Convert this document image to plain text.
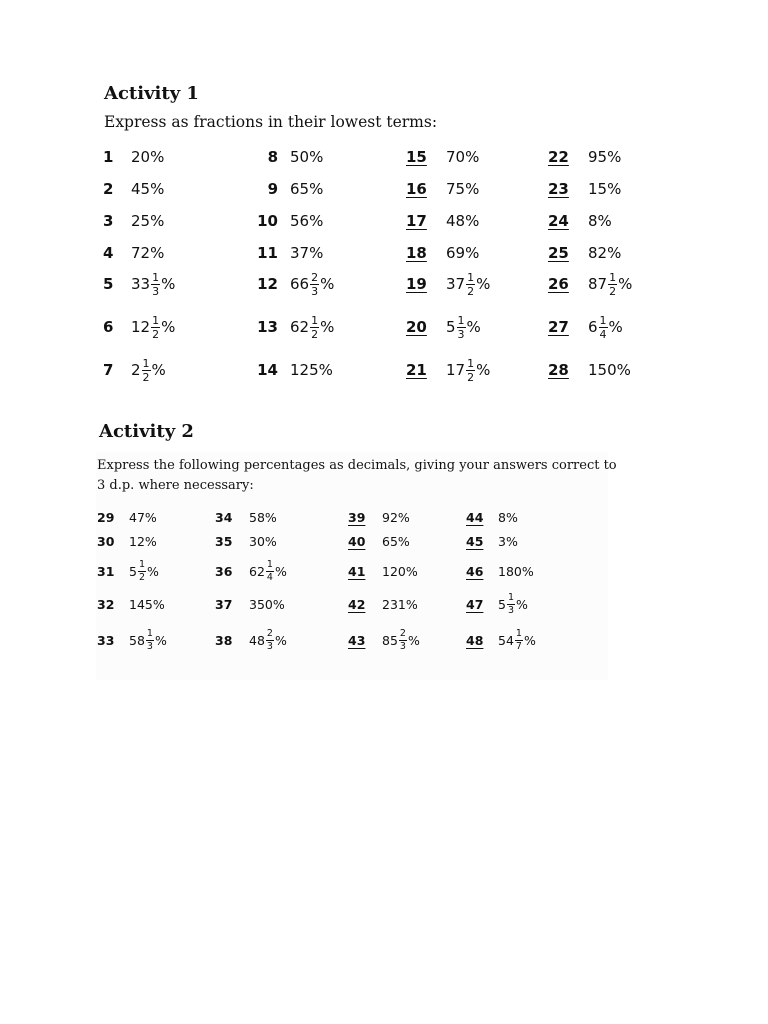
Activity 1

Express as fractions in their lowest terms:

1	20 %
2	45 %
3	25 %
4	72 %
5	$33 \frac{1}{3}$ %
6	$12 \frac{1}{2}$ %
7	$2 \frac{1}{2}$ %
8 50 %
9 65 %
10 56 %
11 37 %
12 $66 \frac{2}{3}$ %
13 $62 \frac{1}{2}$ %
14 125 %
15	70 %
16	75 %
17	48 %
18	69 %
19	$37 \frac{1}{2}$ %
20	$5 \frac{1}{3}$ %
21	$17 \frac{1}{2}$ %
22	95 %
23	15 %
24	8 %
25	82 %
26	$87 \frac{1}{2}$ %
27	$6 \frac{1}{4}$ %
28	150 %
Activity 2

Express the following percentages as decimals, giving your answers correct to

3 d.p. where necessary:

29	47 %
30	12 %
31	$5 \frac{1}{2}$ %
32	145 %
33	$58 \frac{1}{3}$ %
34	58 %
35	30 %
36	$62 \frac{1}{4}$ %
37	350 %
38	$48 \frac{2}{3}$ %
39	92 %
40	65 %
41	120 %
42	231 %
43	$85 \frac{2}{3}$ %
44	8 %
45	3 %
46	180 %
47	$5 \frac{1}{3}$ %
48	$54 \frac{1}{7}$ %
